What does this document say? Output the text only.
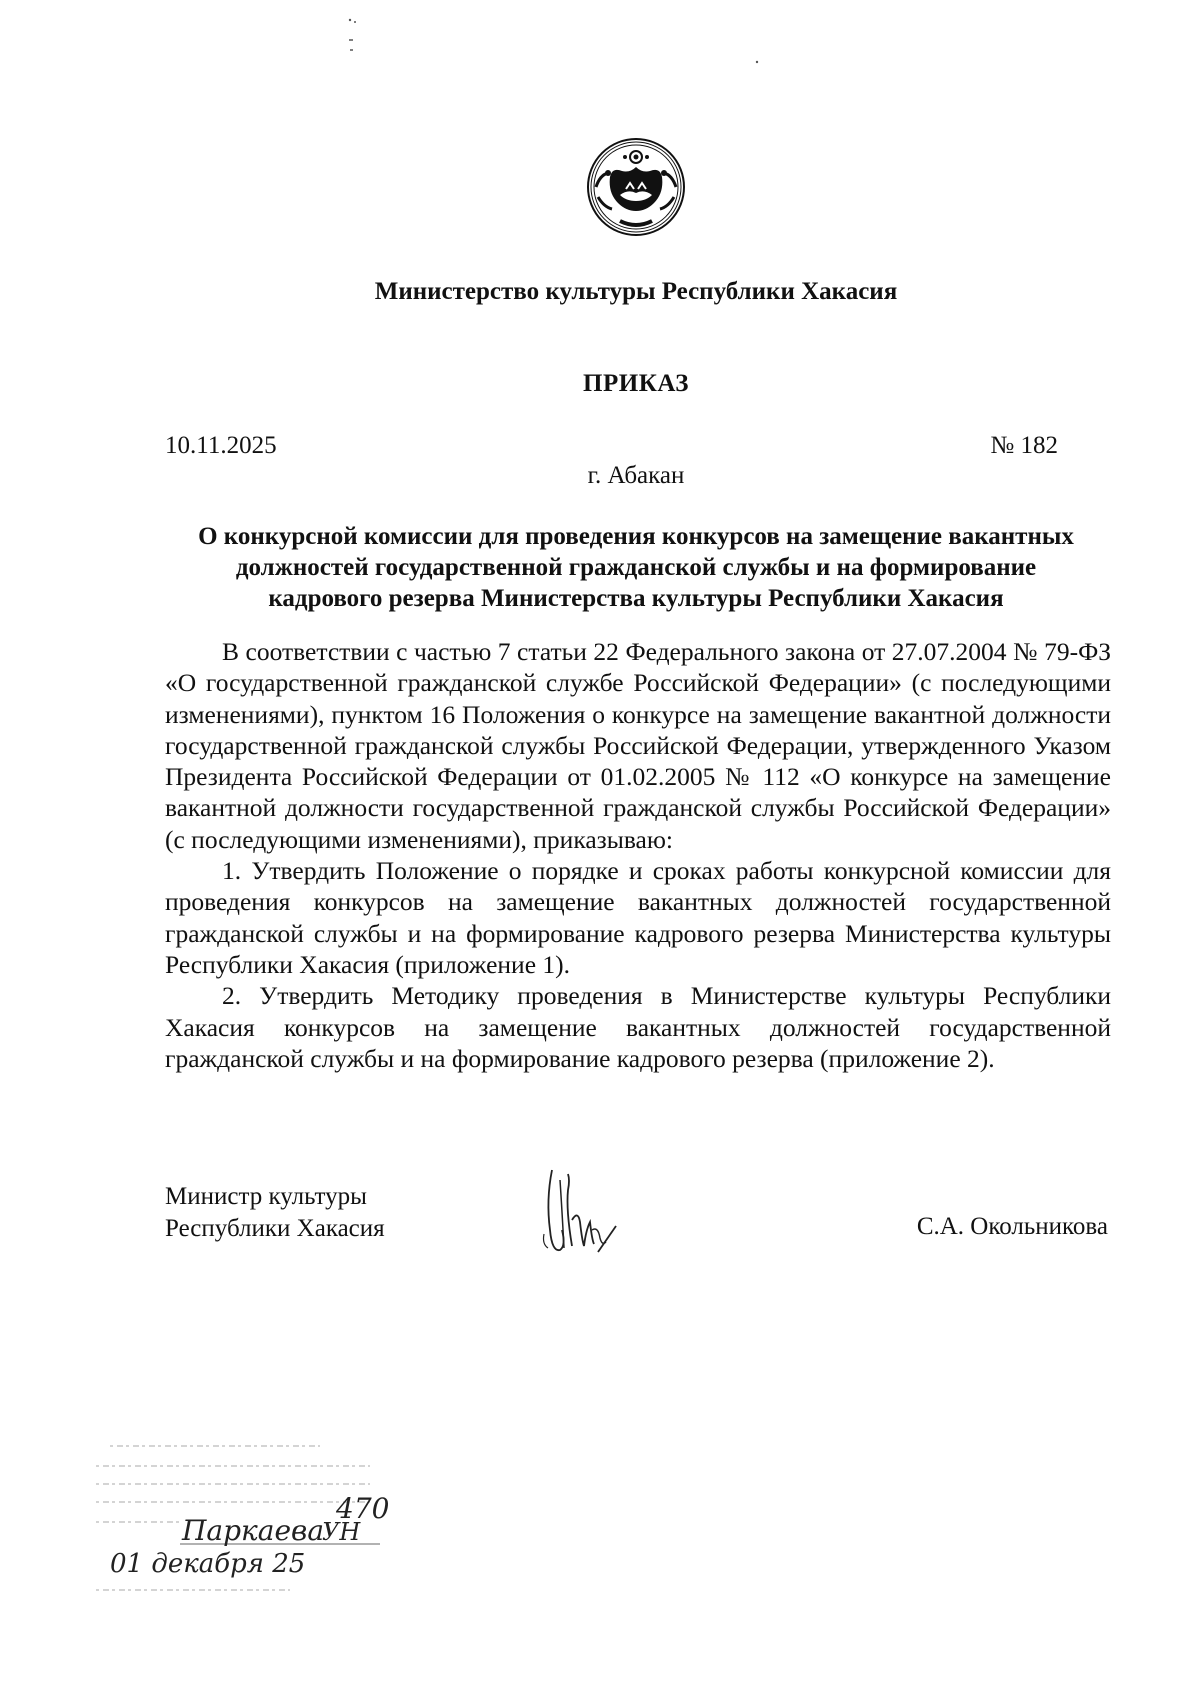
Министерство культуры Республики Хакасия
ПРИКАЗ
10.11.2025	№ 182
г. Абакан
О конкурсной комиссии для проведения конкурсов на замещение вакантных
должностей государственной гражданской службы и на формирование
кадрового резерва Министерства культуры Республики Хакасия

В соответствии с частью 7 статьи 22 Федерального закона от 27.07.2004 № 79-ФЗ «О государственной гражданской службе Российской Федерации» (с последующими изменениями), пунктом 16 Положения о конкурсе на замещение вакантной должности государственной гражданской службы Российской Федерации, утвержденного Указом Президента Российской Федерации от 01.02.2005 № 112 «О конкурсе на замещение вакантной должности государственной гражданской службы Российской Федерации» (с последующими изменениями), приказываю:

1. Утвердить Положение о порядке и сроках работы конкурсной комиссии для проведения конкурсов на замещение вакантных должностей государственной гражданской службы и на формирование кадрового резерва Министерства культуры Республики Хакасия (приложение 1).

2. Утвердить Методику проведения в Министерстве культуры Республики Хакасия конкурсов на замещение вакантных должностей государственной гражданской службы и на формирование кадрового резерва (приложение 2).

Министр культуры
Республики Хакасия	С.А. Окольникова
470
Паркаева
УН
01 декабря 25
